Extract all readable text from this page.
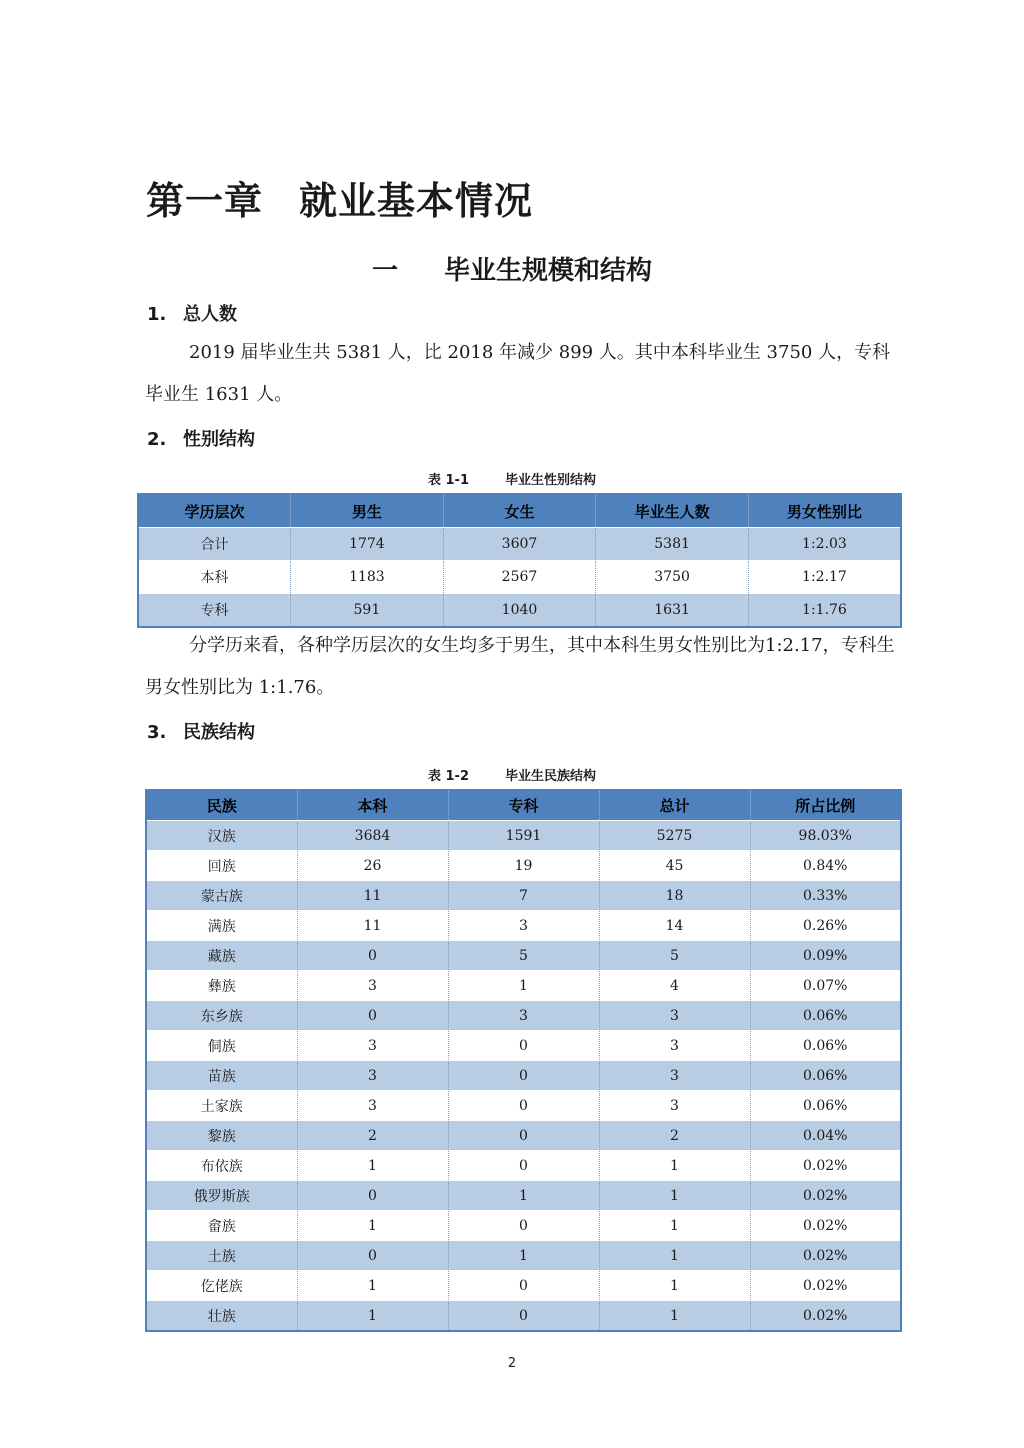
第一章 就业基本情况
一 毕业生规模和结构
1. 总人数

2019 届毕业生共 5381 人，比 2018 年减少 899 人。其中本科毕业生 3750 人，专科毕业生 1631 人。

2. 性别结构

表 1-1	毕业生性别结构

学历层次	男生	女生	毕业生人数	男女性别比
合计	1774	3607	5381	1:2.03
本科	1183	2567	3750	1:2.17
专科	591	1040	1631	1:1.76

分学历来看，各种学历层次的女生均多于男生，其中本科生男女性别比为1:2.17，专科生男女性别比为 1:1.76。

3. 民族结构

表 1-2	毕业生民族结构

民族	本科	专科	总计	所占比例
汉族	3684	1591	5275	98.03%
回族	26	19	45	0.84%
蒙古族	11	7	18	0.33%
满族	11	3	14	0.26%
藏族	0	5	5	0.09%
彝族	3	1	4	0.07%
东乡族	0	3	3	0.06%
侗族	3	0	3	0.06%
苗族	3	0	3	0.06%
土家族	3	0	3	0.06%
黎族	2	0	2	0.04%
布依族	1	0	1	0.02%
俄罗斯族	0	1	1	0.02%
畲族	1	0	1	0.02%
土族	0	1	1	0.02%
仡佬族	1	0	1	0.02%
壮族	1	0	1	0.02%
2
